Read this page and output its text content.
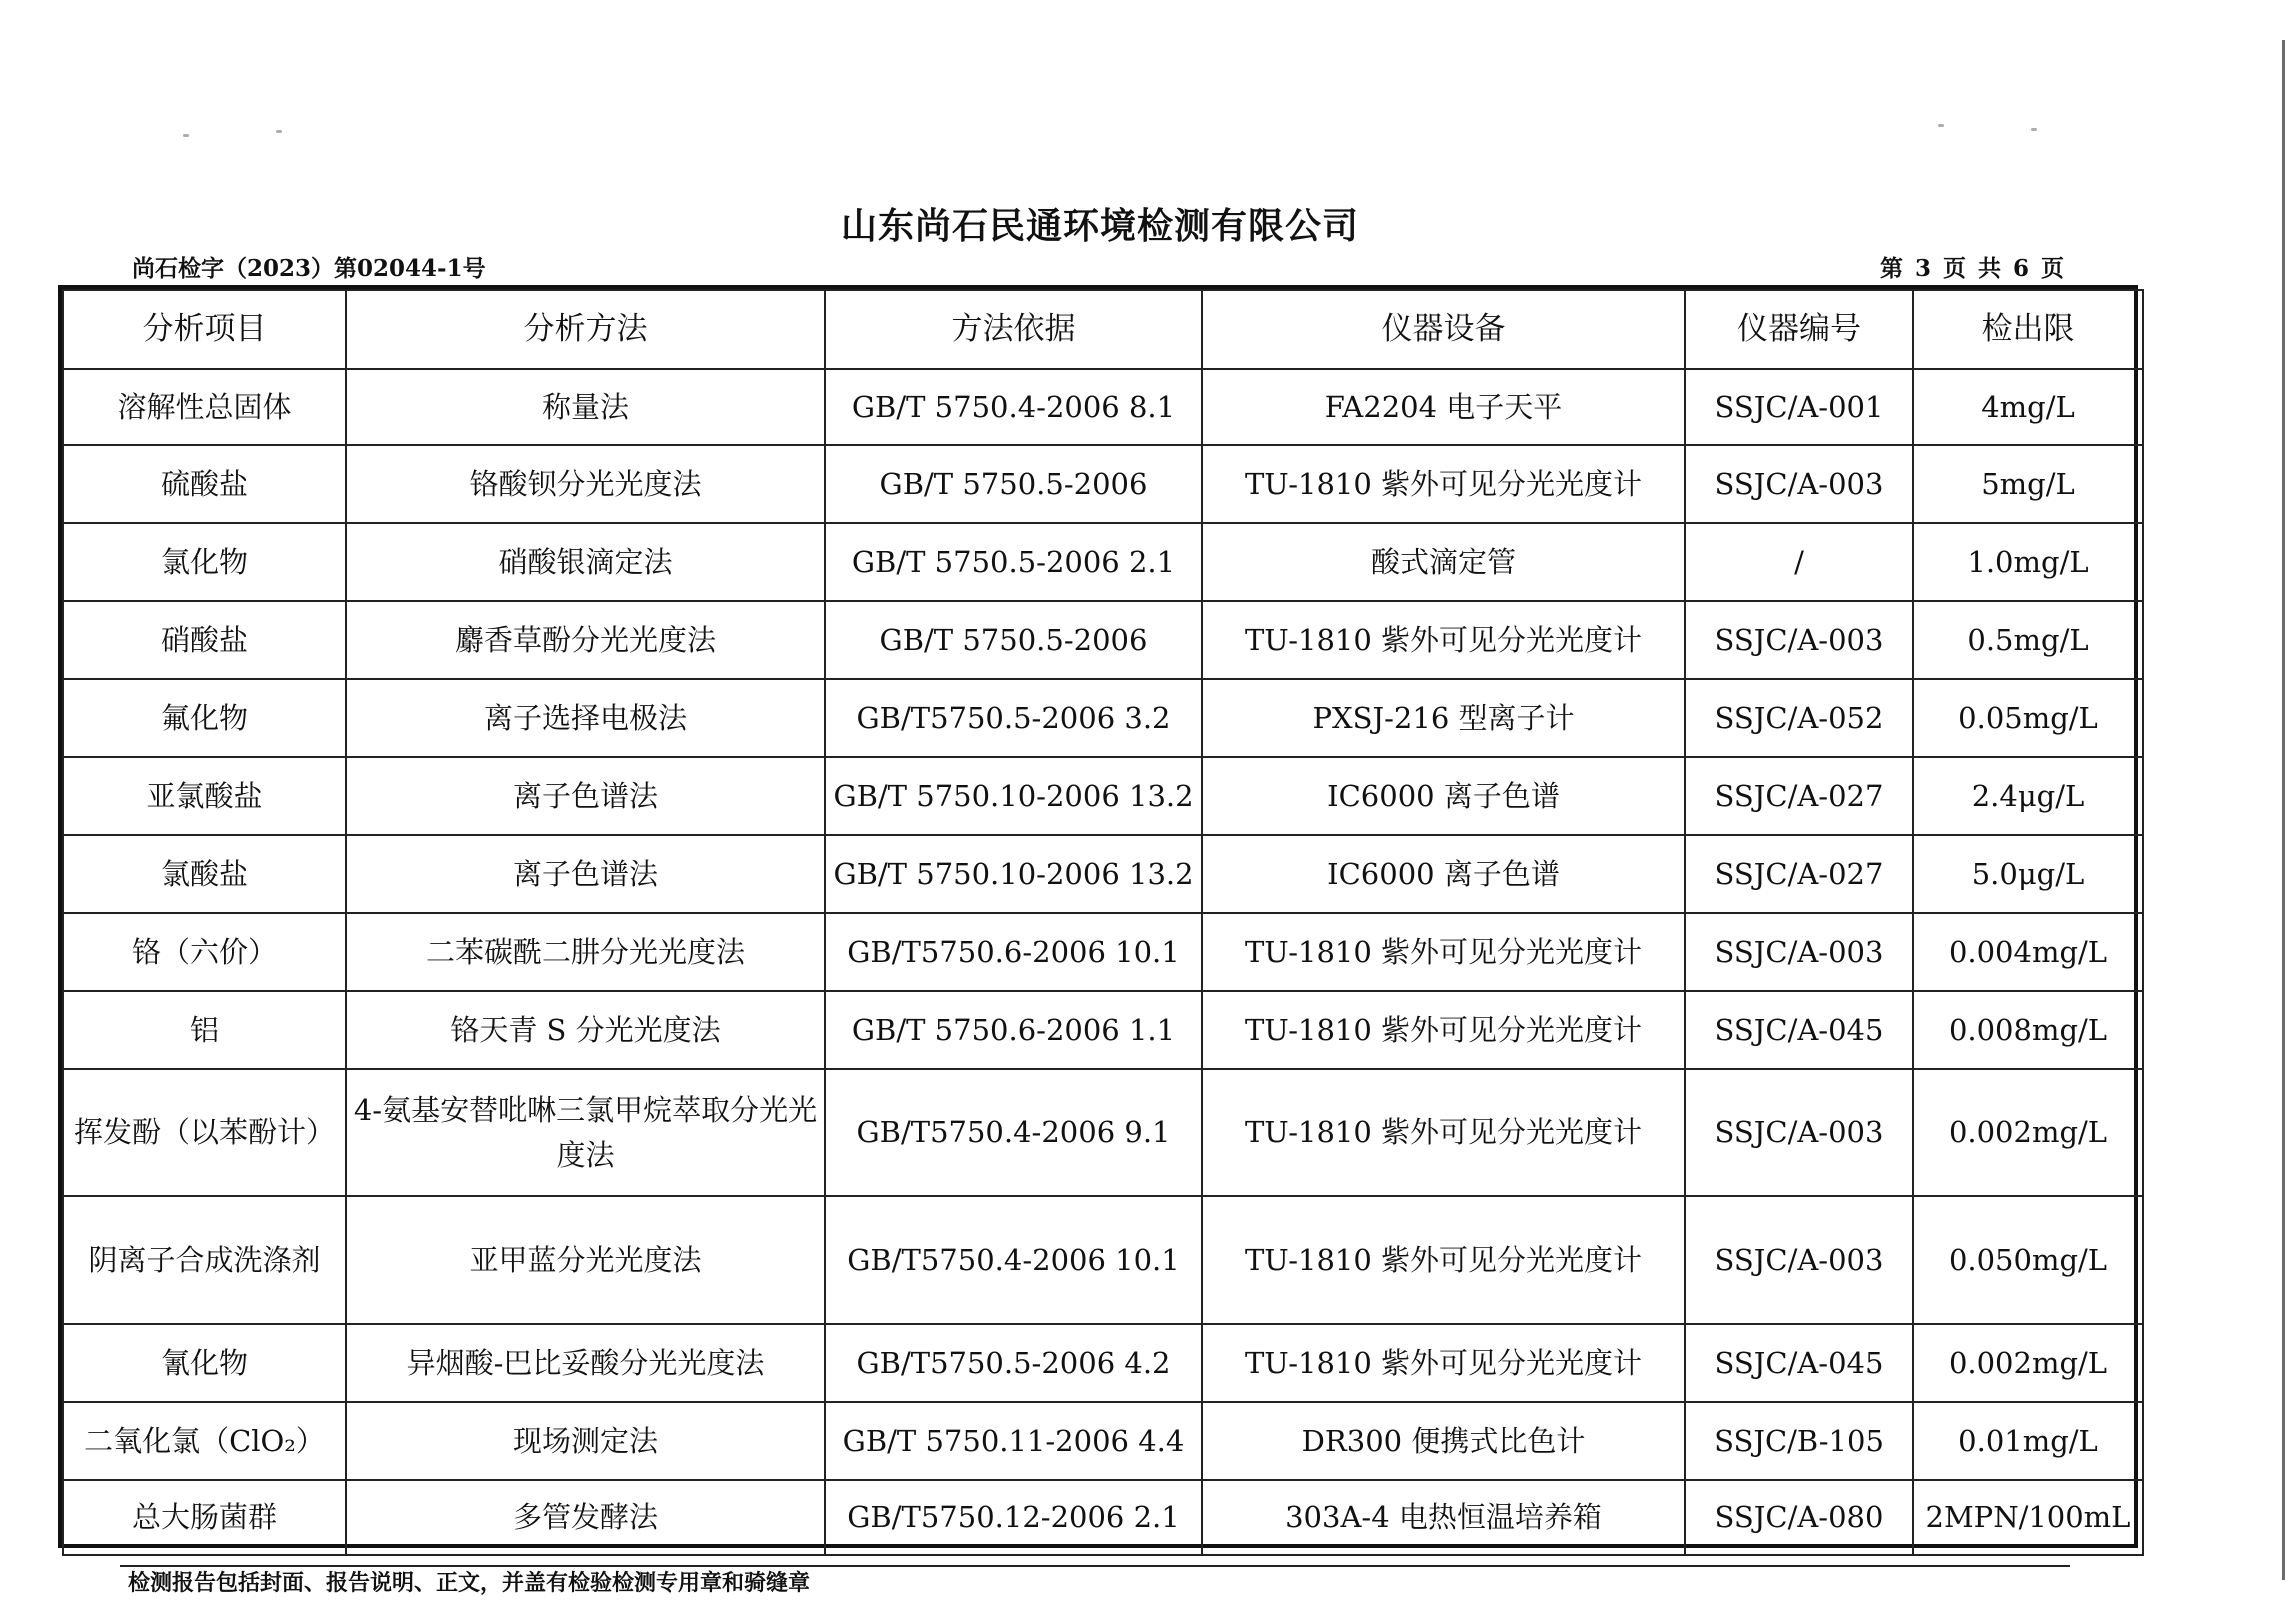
山东尚石民通环境检测有限公司
尚石检字（2023）第02044-1号	第 3 页 共 6 页
分析项目	分析方法	方法依据	仪器设备	仪器编号	检出限
溶解性总固体	称量法	GB/T 5750.4-2006 8.1	FA2204 电子天平	SSJC/A-001	4mg/L
硫酸盐	铬酸钡分光光度法	GB/T 5750.5-2006	TU-1810 紫外可见分光光度计	SSJC/A-003	5mg/L
氯化物	硝酸银滴定法	GB/T 5750.5-2006 2.1	酸式滴定管	/	1.0mg/L
硝酸盐	麝香草酚分光光度法	GB/T 5750.5-2006	TU-1810 紫外可见分光光度计	SSJC/A-003	0.5mg/L
氟化物	离子选择电极法	GB/T5750.5-2006 3.2	PXSJ-216 型离子计	SSJC/A-052	0.05mg/L
亚氯酸盐	离子色谱法	GB/T 5750.10-2006 13.2	IC6000 离子色谱	SSJC/A-027	2.4μg/L
氯酸盐	离子色谱法	GB/T 5750.10-2006 13.2	IC6000 离子色谱	SSJC/A-027	5.0μg/L
铬（六价）	二苯碳酰二肼分光光度法	GB/T5750.6-2006 10.1	TU-1810 紫外可见分光光度计	SSJC/A-003	0.004mg/L
铝	铬天青 S 分光光度法	GB/T 5750.6-2006 1.1	TU-1810 紫外可见分光光度计	SSJC/A-045	0.008mg/L
挥发酚（以苯酚计）	4-氨基安替吡啉三氯甲烷萃取分光光度法	GB/T5750.4-2006 9.1	TU-1810 紫外可见分光光度计	SSJC/A-003	0.002mg/L
阴离子合成洗涤剂	亚甲蓝分光光度法	GB/T5750.4-2006 10.1	TU-1810 紫外可见分光光度计	SSJC/A-003	0.050mg/L
氰化物	异烟酸-巴比妥酸分光光度法	GB/T5750.5-2006 4.2	TU-1810 紫外可见分光光度计	SSJC/A-045	0.002mg/L
二氧化氯（ClO₂）	现场测定法	GB/T 5750.11-2006 4.4	DR300 便携式比色计	SSJC/B-105	0.01mg/L
总大肠菌群	多管发酵法	GB/T5750.12-2006 2.1	303A-4 电热恒温培养箱	SSJC/A-080	2MPN/100mL
检测报告包括封面、报告说明、正文，并盖有检验检测专用章和骑缝章
